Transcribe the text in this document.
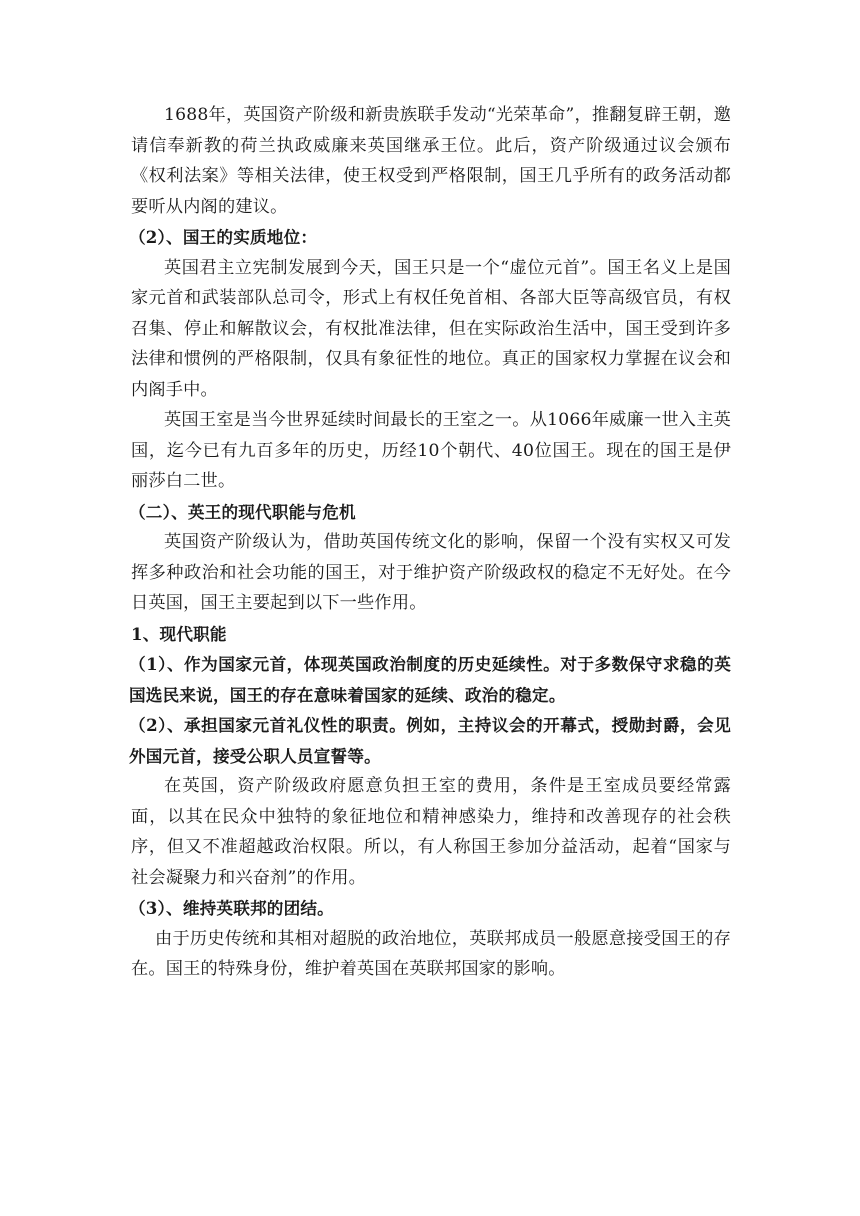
1688年，英国资产阶级和新贵族联手发动“光荣革命”，推翻复辟王朝，邀请信奉新教的荷兰执政威廉来英国继承王位。此后，资产阶级通过议会颁布《权利法案》等相关法律，使王权受到严格限制，国王几乎所有的政务活动都要听从内阁的建议。

（2）、国王的实质地位：

英国君主立宪制发展到今天，国王只是一个“虚位元首”。国王名义上是国家元首和武装部队总司令，形式上有权任免首相、各部大臣等高级官员，有权召集、停止和解散议会，有权批准法律，但在实际政治生活中，国王受到许多法律和惯例的严格限制，仅具有象征性的地位。真正的国家权力掌握在议会和内阁手中。

英国王室是当今世界延续时间最长的王室之一。从1066年威廉一世入主英国，迄今已有九百多年的历史，历经10个朝代、40位国王。现在的国王是伊丽莎白二世。

（二）、英王的现代职能与危机

英国资产阶级认为，借助英国传统文化的影响，保留一个没有实权又可发挥多种政治和社会功能的国王，对于维护资产阶级政权的稳定不无好处。在今日英国，国王主要起到以下一些作用。

1、现代职能

（1）、作为国家元首，体现英国政治制度的历史延续性。对于多数保守求稳的英国选民来说，国王的存在意味着国家的延续、政治的稳定。

（2）、承担国家元首礼仪性的职责。例如，主持议会的开幕式，授勋封爵，会见外国元首，接受公职人员宣誓等。

在英国，资产阶级政府愿意负担王室的费用，条件是王室成员要经常露面，以其在民众中独特的象征地位和精神感染力，维持和改善现存的社会秩序，但又不准超越政治权限。所以，有人称国王参加分益活动，起着“国家与社会凝聚力和兴奋剂”的作用。

（3）、维持英联邦的团结。

由于历史传统和其相对超脱的政治地位，英联邦成员一般愿意接受国王的存在。国王的特殊身份，维护着英国在英联邦国家的影响。
